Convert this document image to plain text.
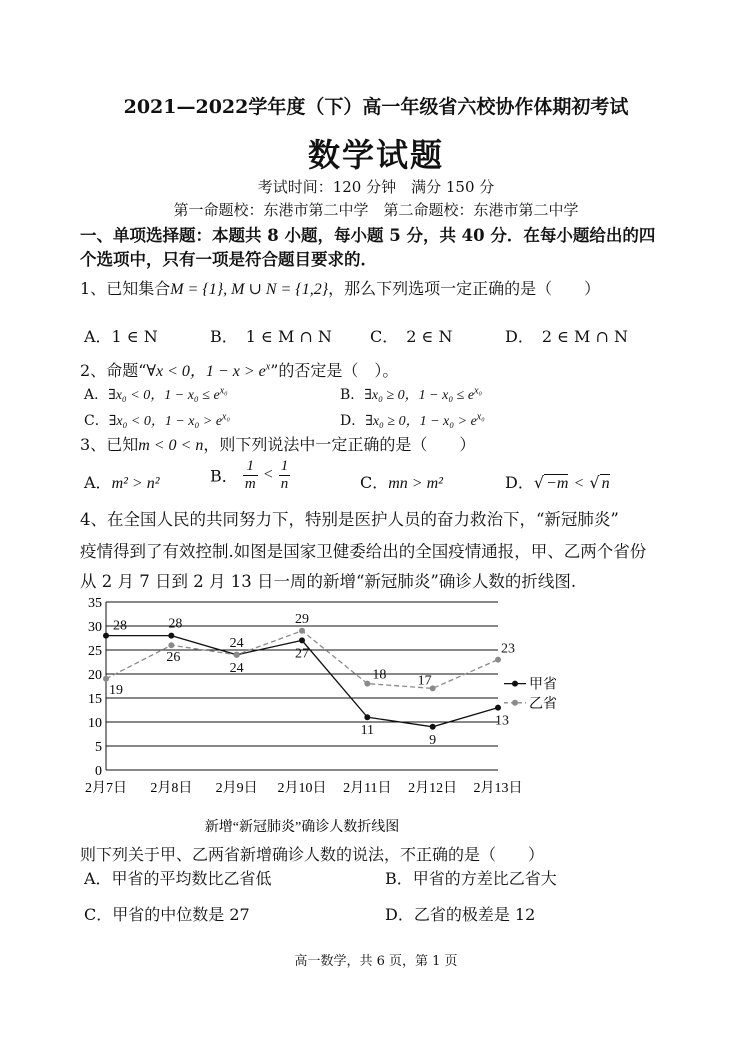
2021—2022学年度（下）高一年级省六校协作体期初考试
数学试题
考试时间：120 分钟　满分 150 分
第一命题校：东港市第二中学　第二命题校：东港市第二中学
一、单项选择题：本题共 8 小题，每小题 5 分，共 40 分．在每小题给出的四
个选项中，只有一项是符合题目要求的．
1、已知集合M = {1}, M ∪ N = {1,2}，那么下列选项一定正确的是（　　）
A．1 ∈ N	B．　1 ∈ M ∩ N C．　2 ∈ N	D．　2 ∈ M ∩ N
2、命题“∀x < 0，$1 - x > e^x$”的否定是（　）。
A．∃x₀ < 0，$1 - x_0 \le e^{x_0}$	B．∃x₀ ≥ 0，$1 - x_0 \le e^{x_0}$
C．∃x₀ < 0，$1 - x_0 > e^{x_0}$	D．∃x₀ ≥ 0，$1 - x_0 > e^{x_0}$
3、已知m < 0 < n，则下列说法中一定正确的是（　　）
A．m² > n²	B． $\frac{1}{m} < \frac{1}{n}$	C．mn > m²	D．√ −m < √ n
4、在全国人民的共同努力下，特别是医护人员的奋力救治下，“新冠肺炎”
疫情得到了有效控制.如图是国家卫健委给出的全国疫情通报，甲、乙两个省份
从 2 月 7 日到 2 月 13 日一周的新增“新冠肺炎”确诊人数的折线图.
0
5
10
15
20
25
30
35
2月7日 2月8日 2月9日 2月10日 2月11日 2月12日 2月13日
28	28
24
27
11
9
13
19
26
24
29
18 17
23
甲省
乙省
新增“新冠肺炎”确诊人数折线图
则下列关于甲、乙两省新增确诊人数的说法，不正确的是（　　）
A．甲省的平均数比乙省低	B．甲省的方差比乙省大
C．甲省的中位数是 27	D．乙省的极差是 12
高一数学，共 6 页，第 1 页
